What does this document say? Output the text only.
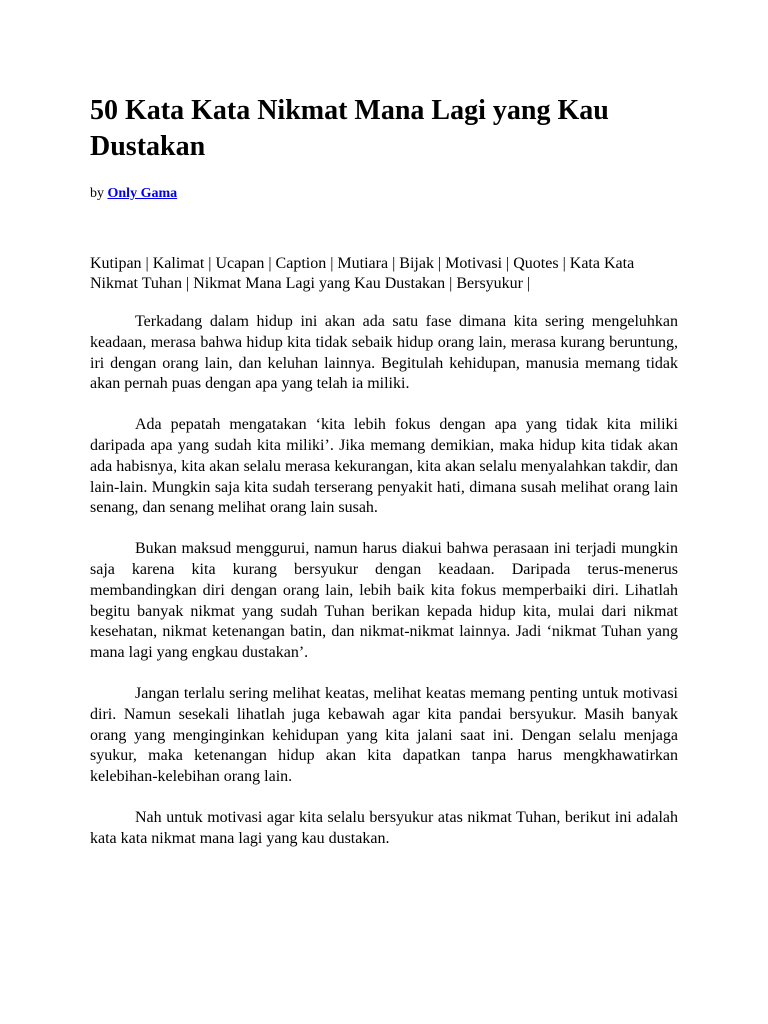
50 Kata Kata Nikmat Mana Lagi yang Kau Dustakan
by Only Gama
Kutipan | Kalimat | Ucapan | Caption | Mutiara | Bijak | Motivasi | Quotes | Kata Kata Nikmat Tuhan | Nikmat Mana Lagi yang Kau Dustakan | Bersyukur |

Terkadang dalam hidup ini akan ada satu fase dimana kita sering mengeluhkan keadaan, merasa bahwa hidup kita tidak sebaik hidup orang lain, merasa kurang beruntung, iri dengan orang lain, dan keluhan lainnya. Begitulah kehidupan, manusia memang tidak akan pernah puas dengan apa yang telah ia miliki.

Ada pepatah mengatakan ‘kita lebih fokus dengan apa yang tidak kita miliki daripada apa yang sudah kita miliki’. Jika memang demikian, maka hidup kita tidak akan ada habisnya, kita akan selalu merasa kekurangan, kita akan selalu menyalahkan takdir, dan lain-lain. Mungkin saja kita sudah terserang penyakit hati, dimana susah melihat orang lain senang, dan senang melihat orang lain susah.

Bukan maksud menggurui, namun harus diakui bahwa perasaan ini terjadi mungkin saja karena kita kurang bersyukur dengan keadaan. Daripada terus-menerus membandingkan diri dengan orang lain, lebih baik kita fokus memperbaiki diri. Lihatlah begitu banyak nikmat yang sudah Tuhan berikan kepada hidup kita, mulai dari nikmat kesehatan, nikmat ketenangan batin, dan nikmat-nikmat lainnya. Jadi ‘nikmat Tuhan yang mana lagi yang engkau dustakan’.

Jangan terlalu sering melihat keatas, melihat keatas memang penting untuk motivasi diri. Namun sesekali lihatlah juga kebawah agar kita pandai bersyukur. Masih banyak orang yang menginginkan kehidupan yang kita jalani saat ini. Dengan selalu menjaga syukur, maka ketenangan hidup akan kita dapatkan tanpa harus mengkhawatirkan kelebihan-kelebihan orang lain.

Nah untuk motivasi agar kita selalu bersyukur atas nikmat Tuhan, berikut ini adalah kata kata nikmat mana lagi yang kau dustakan.
